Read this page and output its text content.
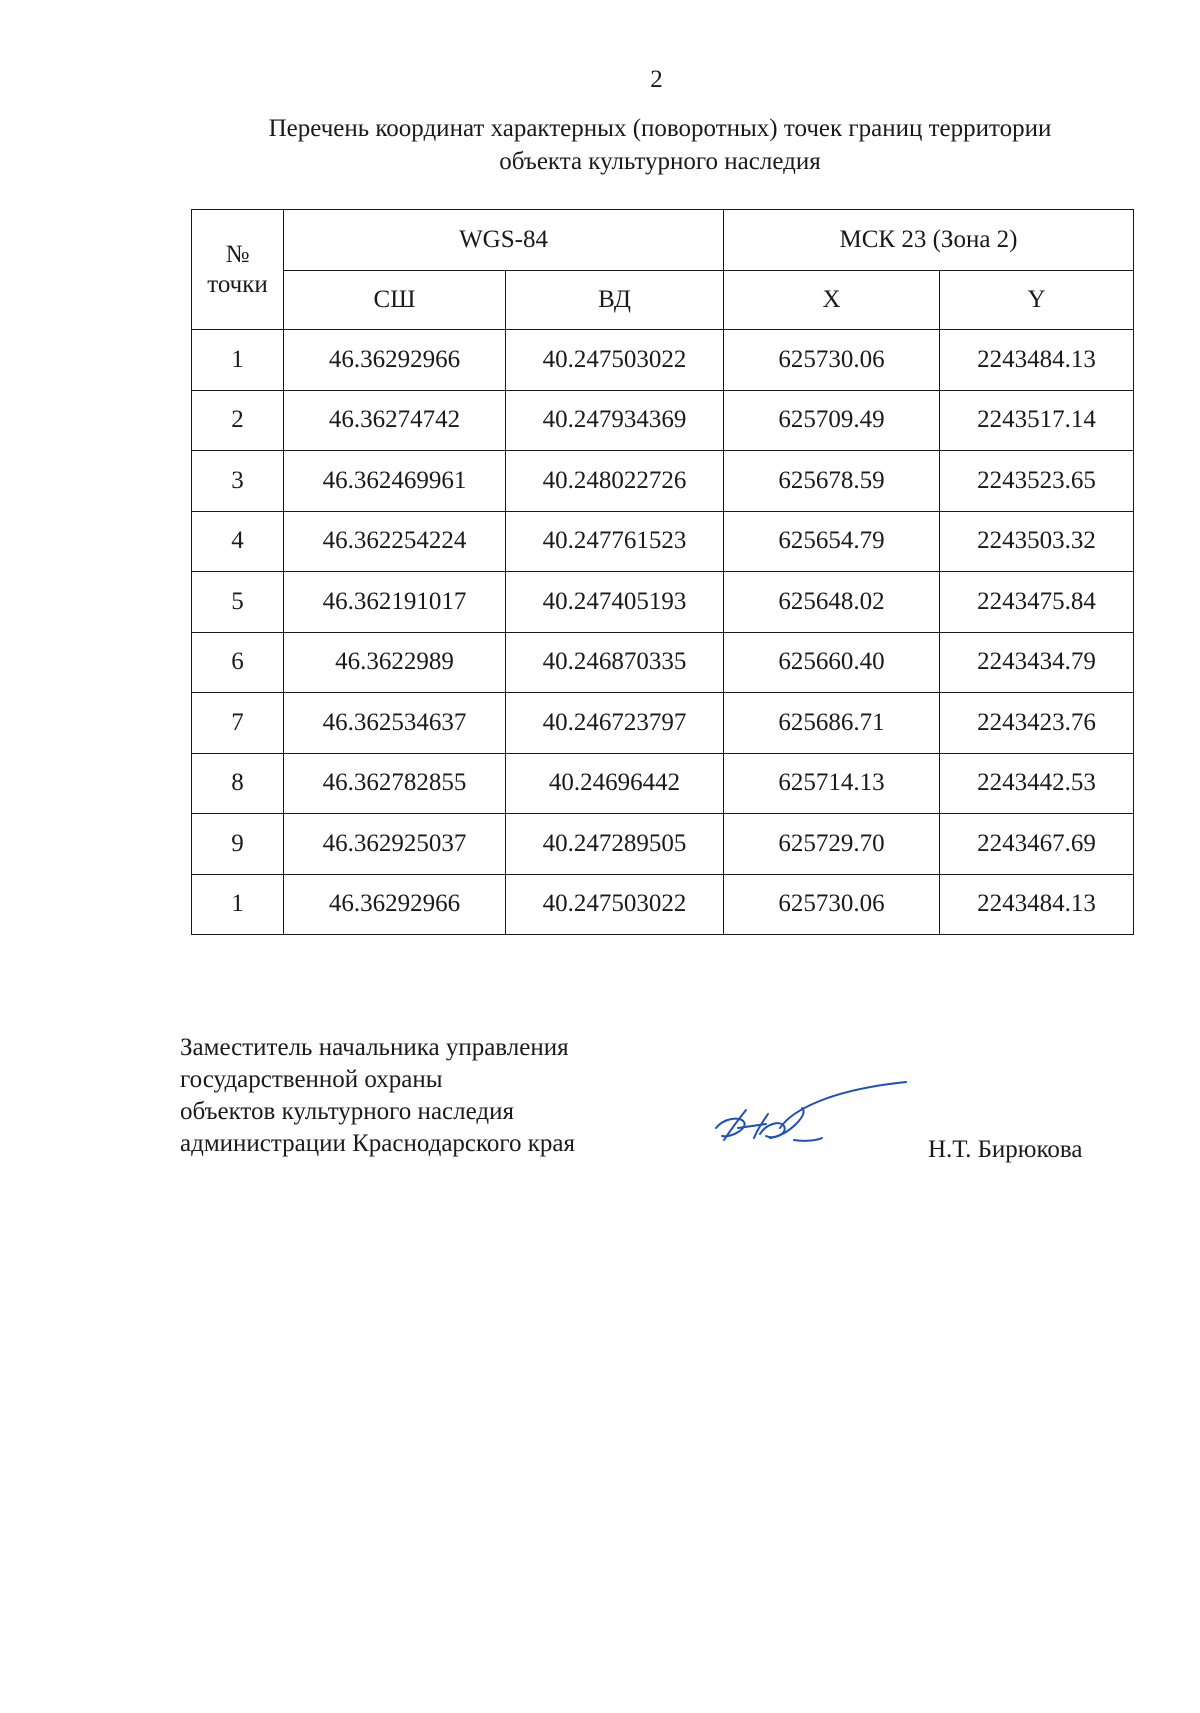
2
Перечень координат характерных (поворотных) точек границ территории
объекта культурного наследия
№
точки	WGS-84		МСК 23 (Зона 2)	
	СШ	ВД	X	Y
1	46.36292966	40.247503022	625730.06	2243484.13
2	46.36274742	40.247934369	625709.49	2243517.14
3	46.362469961	40.248022726	625678.59	2243523.65
4	46.362254224	40.247761523	625654.79	2243503.32
5	46.362191017	40.247405193	625648.02	2243475.84
6	46.3622989	40.246870335	625660.40	2243434.79
7	46.362534637	40.246723797	625686.71	2243423.76
8	46.362782855	40.24696442	625714.13	2243442.53
9	46.362925037	40.247289505	625729.70	2243467.69
1	46.36292966	40.247503022	625730.06	2243484.13
Заместитель начальника управления
государственной охраны
объектов культурного наследия
администрации Краснодарского края	Н.Т. Бирюкова
